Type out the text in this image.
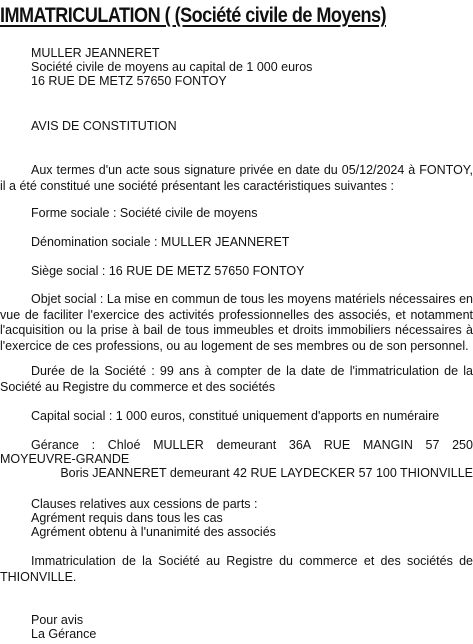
IMMATRICULATION ( (Société civile de Moyens)
MULLER JEANNERET
Société civile de moyens au capital de 1 000 euros
16 RUE DE METZ 57650 FONTOY
AVIS DE CONSTITUTION
Aux termes d'un acte sous signature privée en date du 05/12/2024 à FONTOY, il a été constitué une société présentant les caractéristiques suivantes :
Forme sociale : Société civile de moyens
Dénomination sociale : MULLER JEANNERET
Siège social : 16 RUE DE METZ 57650 FONTOY
Objet social : La mise en commun de tous les moyens matériels nécessaires en vue de faciliter l'exercice des activités professionnelles des associés, et notamment l'acquisition ou la prise à bail de tous immeubles et droits immobiliers nécessaires à l'exercice de ces professions, ou au logement de ses membres ou de son personnel.
Durée de la Société : 99 ans à compter de la date de l'immatriculation de la Société au Registre du commerce et des sociétés
Capital social : 1 000 euros, constitué uniquement d'apports en numéraire
Gérance : Chloé MULLER demeurant 36A RUE MANGIN 57 250
MOYEUVRE-GRANDE
Boris JEANNERET demeurant 42 RUE LAYDECKER 57 100 THIONVILLE
Clauses relatives aux cessions de parts :
Agrément requis dans tous les cas
Agrément obtenu à l'unanimité des associés
Immatriculation de la Société au Registre du commerce et des sociétés de THIONVILLE.
Pour avis
La Gérance
